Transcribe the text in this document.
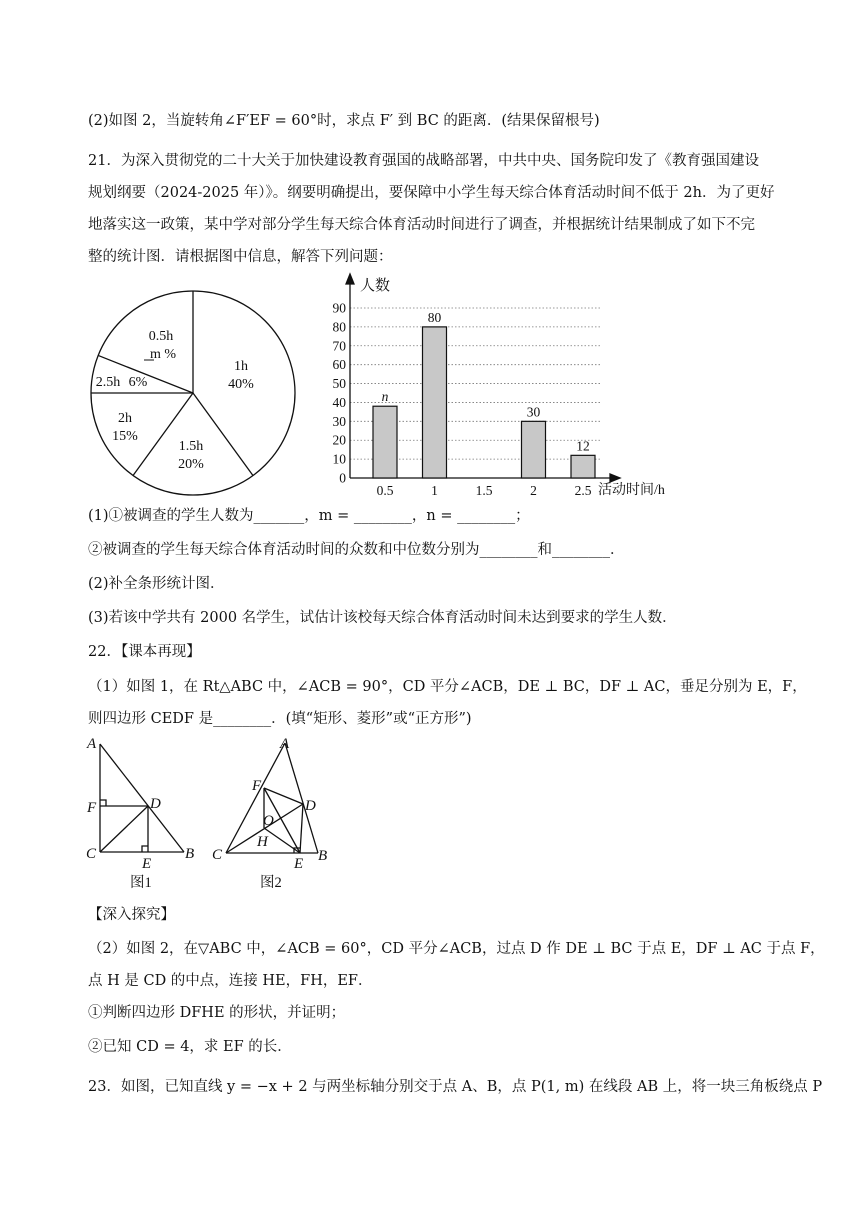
(2)如图 2，当旋转角∠F′EF = 60°时，求点 F′ 到 BC 的距离．(结果保留根号)
21．为深入贯彻党的二十大关于加快建设教育强国的战略部署，中共中央、国务院印发了《教育强国建设
规划纲要（2024-2025 年）》。纲要明确提出，要保障中小学生每天综合体育活动时间不低于 2h．为了更好
地落实这一政策，某中学对部分学生每天综合体育活动时间进行了调查，并根据统计结果制成了如下不完
整的统计图．请根据图中信息，解答下列问题：
1h
40%
0.5h
m %
2.5h 6%
2h
15%
1.5h
20%
0
10
20
30
40
50
60
70
80
90
n
80
30
12
0.5	1	1.5	2	2.5
人数
活动时间/h
(1)①被调查的学生人数为_______，m = ________，n = ________；
②被调查的学生每天综合体育活动时间的众数和中位数分别为________和________．
(2)补全条形统计图．
(3)若该中学共有 2000 名学生，试估计该校每天综合体育活动时间未达到要求的学生人数．
22．【课本再现】
（1）如图 1，在 Rt△ABC 中，∠ACB = 90°，CD 平分∠ACB，DE ⊥ BC，DF ⊥ AC，垂足分别为 E，F，
则四边形 CEDF 是________．(填“矩形、菱形”或“正方形”)
A
F	D
C
E
B
图1
A
F
D
O
H
C
E B
图2
【深入探究】
（2）如图 2，在▽ABC 中，∠ACB = 60°，CD 平分∠ACB，过点 D 作 DE ⊥ BC 于点 E，DF ⊥ AC 于点 F，
点 H 是 CD 的中点，连接 HE，FH，EF．
①判断四边形 DFHE 的形状，并证明；
②已知 CD = 4，求 EF 的长．
23．如图，已知直线 y = −x + 2 与两坐标轴分别交于点 A、B，点 P(1, m) 在线段 AB 上，将一块三角板绕点 P
